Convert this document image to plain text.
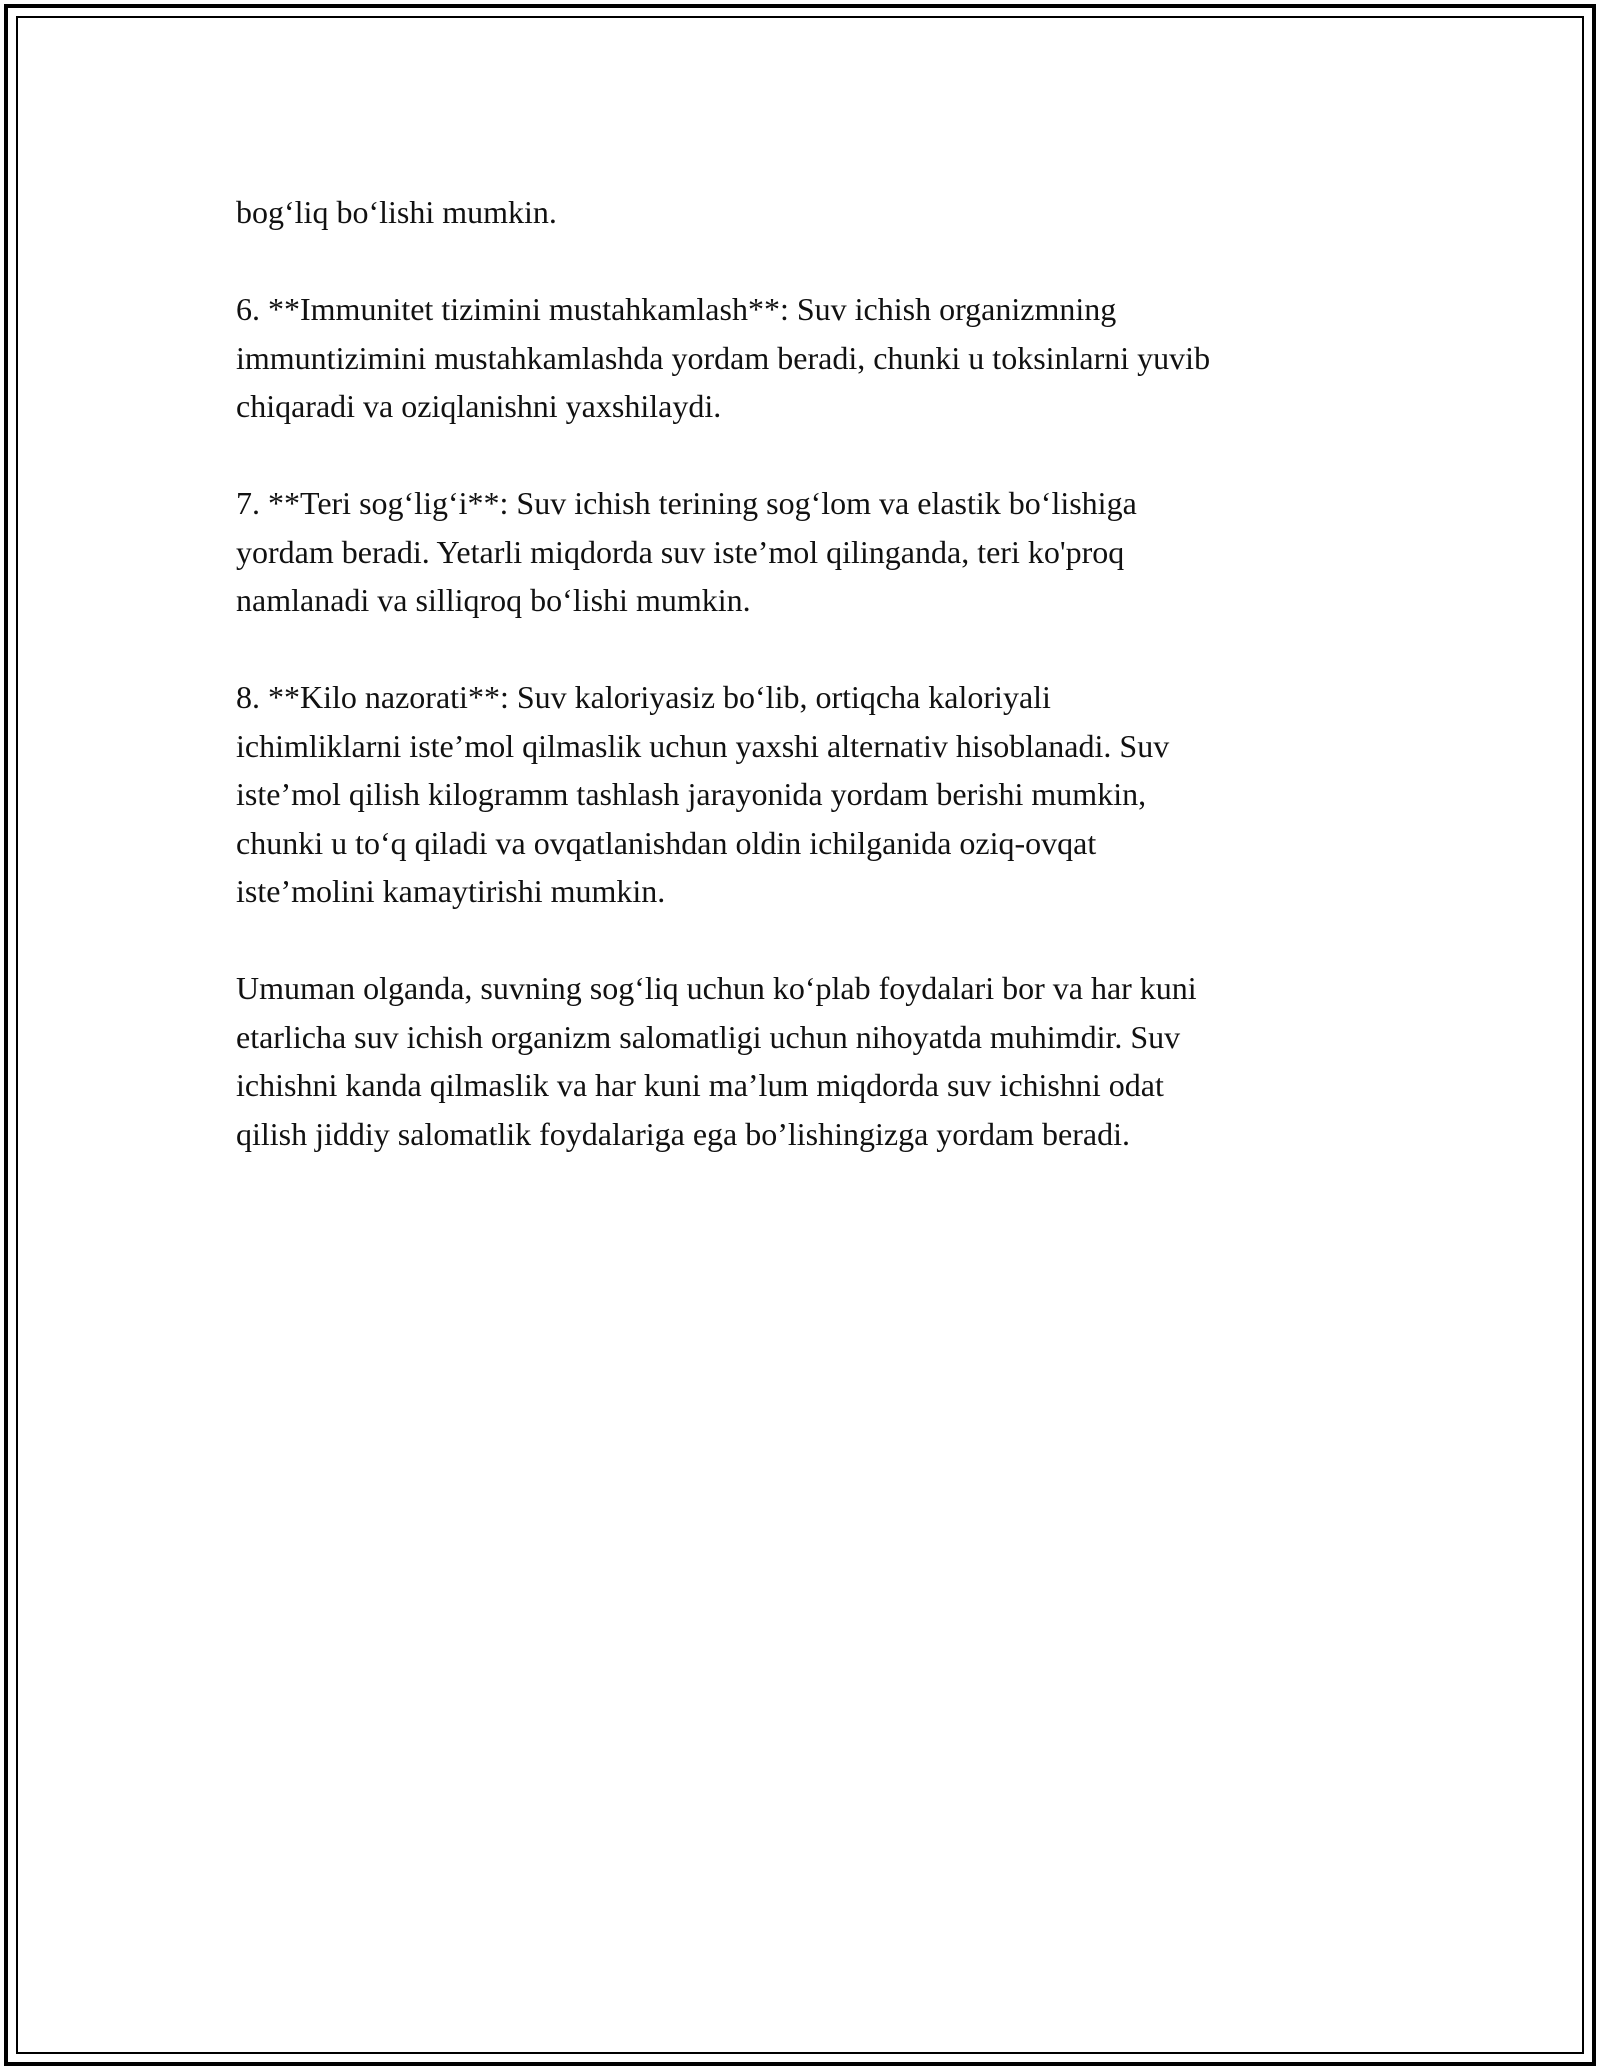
bog‘liq bo‘lishi mumkin.

6. **Immunitet tizimini mustahkamlash**: Suv ichish organizmning
immuntizimini mustahkamlashda yordam beradi, chunki u toksinlarni yuvib
chiqaradi va oziqlanishni yaxshilaydi.

7. **Teri sog‘lig‘i**: Suv ichish terining sog‘lom va elastik bo‘lishiga
yordam beradi. Yetarli miqdorda suv iste’mol qilinganda, teri ko'proq
namlanadi va silliqroq bo‘lishi mumkin.

8. **Kilo nazorati**: Suv kaloriyasiz bo‘lib, ortiqcha kaloriyali
ichimliklarni iste’mol qilmaslik uchun yaxshi alternativ hisoblanadi. Suv
iste’mol qilish kilogramm tashlash jarayonida yordam berishi mumkin,
chunki u to‘q qiladi va ovqatlanishdan oldin ichilganida oziq-ovqat
iste’molini kamaytirishi mumkin.

Umuman olganda, suvning sog‘liq uchun ko‘plab foydalari bor va har kuni
etarlicha suv ichish organizm salomatligi uchun nihoyatda muhimdir. Suv
ichishni kanda qilmaslik va har kuni ma’lum miqdorda suv ichishni odat
qilish jiddiy salomatlik foydalariga ega bo’lishingizga yordam beradi.
